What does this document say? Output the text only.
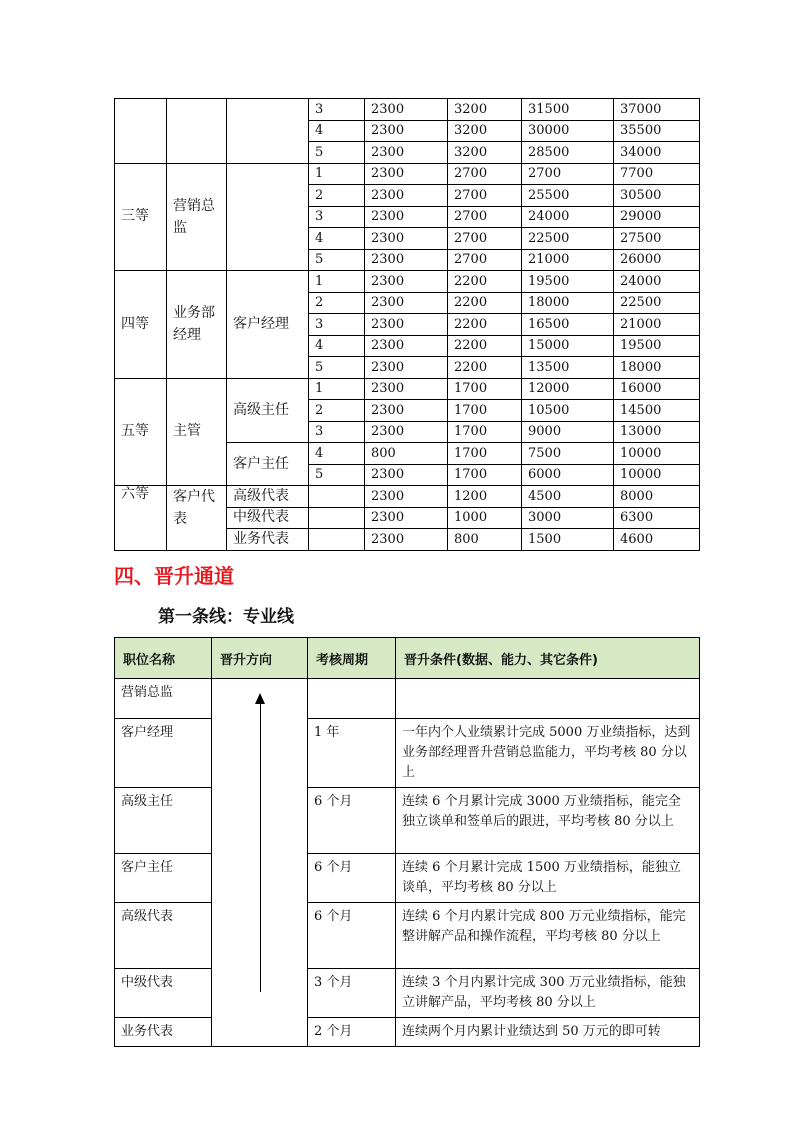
			3	2300	3200	31500	37000
			4	2300	3200	30000	35500
			5	2300	3200	28500	34000
三等	营销总监		1	2300	2700	2700	7700
			2	2300	2700	25500	30500
			3	2300	2700	24000	29000
			4	2300	2700	22500	27500
			5	2300	2700	21000	26000
四等	业务部经理	客户经理	1	2300	2200	19500	24000
			2	2300	2200	18000	22500
			3	2300	2200	16500	21000
			4	2300	2200	15000	19500
			5	2300	2200	13500	18000
五等	主管	高级主任	1	2300	1700	12000	16000
			2	2300	1700	10500	14500
			3	2300	1700	9000	13000
		客户主任	4	800	1700	7500	10000
			5	2300	1700	6000	10000
六等	客户代表	高级代表		2300	1200	4500	8000
		中级代表		2300	1000	3000	6300
		业务代表		2300	800	1500	4600
四、晋升通道
第一条线：专业线
职位名称	晋升方向	考核周期	晋升条件(数据、能力、其它条件)
营销总监	

客户经理		1 年	一年内个人业绩累计完成 5000 万业绩指标，达到业务部经理晋升营销总监能力，平均考核 80 分以上
高级主任		6 个月	连续 6 个月累计完成 3000 万业绩指标，能完全独立谈单和签单后的跟进，平均考核 80 分以上
客户主任		6 个月	连续 6 个月累计完成 1500 万业绩指标，能独立谈单，平均考核 80 分以上
高级代表		6 个月	连续 6 个月内累计完成 800 万元业绩指标，能完整讲解产品和操作流程，平均考核 80 分以上
中级代表		3 个月	连续 3 个月内累计完成 300 万元业绩指标，能独立讲解产品，平均考核 80 分以上
业务代表		2 个月	连续两个月内累计业绩达到 50 万元的即可转
